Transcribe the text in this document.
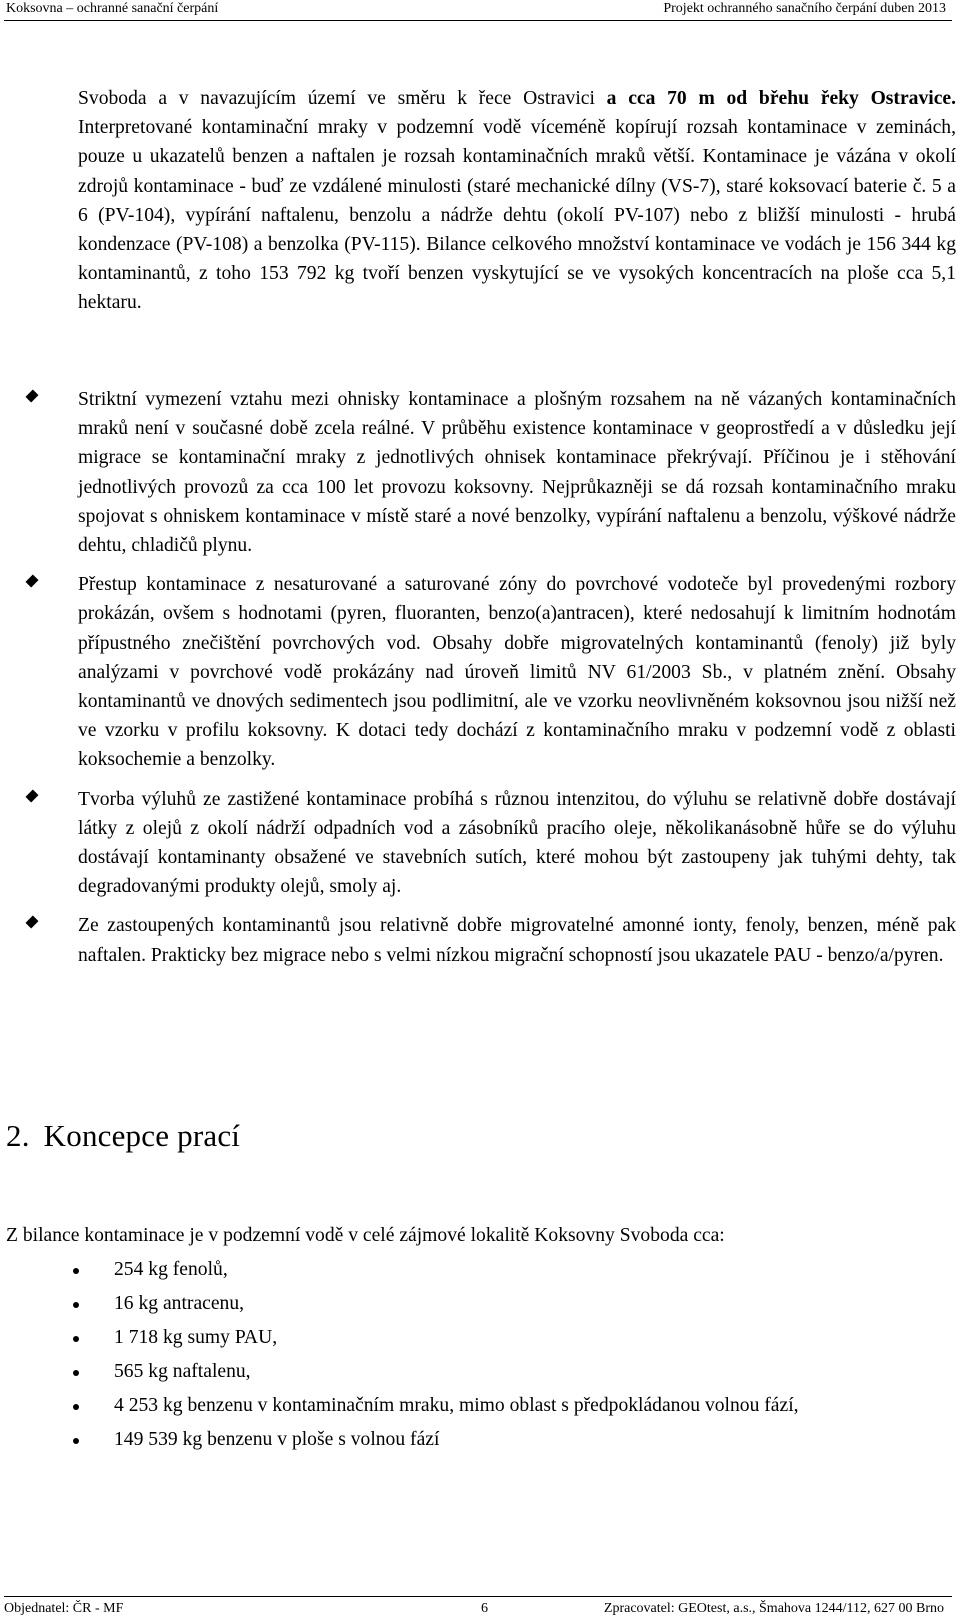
Koksovna – ochranné sanační čerpání	Projekt ochranného sanačního čerpání duben 2013

Svoboda a v navazujícím území ve směru k řece Ostravici a cca 70 m od břehu řeky Ostravice. Interpretované kontaminační mraky v podzemní vodě víceméně kopírují rozsah kontaminace v zeminách, pouze u ukazatelů benzen a naftalen je rozsah kontaminačních mraků větší. Kontaminace je vázána v okolí zdrojů kontaminace - buď ze vzdálené minulosti (staré mechanické dílny (VS-7), staré koksovací baterie č. 5 a 6 (PV-104), vypírání naftalenu, benzolu a nádrže dehtu (okolí PV-107) nebo z bližší minulosti - hrubá kondenzace (PV-108) a benzolka (PV-115). Bilance celkového množství kontaminace ve vodách je 156 344 kg kontaminantů, z toho 153 792 kg tvoří benzen vyskytující se ve vysokých koncentracích na ploše cca 5,1 hektaru.

Striktní vymezení vztahu mezi ohnisky kontaminace a plošným rozsahem na ně vázaných kontaminačních mraků není v současné době zcela reálné. V průběhu existence kontaminace v geoprostředí a v důsledku její migrace se kontaminační mraky z jednotlivých ohnisek kontaminace překrývají. Příčinou je i stěhování jednotlivých provozů za cca 100 let provozu koksovny. Nejprůkazněji se dá rozsah kontaminačního mraku spojovat s ohniskem kontaminace v místě staré a nové benzolky, vypírání naftalenu a benzolu, výškové nádrže dehtu, chladičů plynu.

Přestup kontaminace z nesaturované a saturované zóny do povrchové vodoteče byl provedenými rozbory prokázán, ovšem s hodnotami (pyren, fluoranten, benzo(a)antracen), které nedosahují k limitním hodnotám přípustného znečištění povrchových vod. Obsahy dobře migrovatelných kontaminantů (fenoly) již byly analýzami v povrchové vodě prokázány nad úroveň limitů NV 61/2003 Sb., v platném znění. Obsahy kontaminantů ve dnových sedimentech jsou podlimitní, ale ve vzorku neovlivněném koksovnou jsou nižší než ve vzorku v profilu koksovny. K dotaci tedy dochází z kontaminačního mraku v podzemní vodě z oblasti koksochemie a benzolky.

Tvorba výluhů ze zastižené kontaminace probíhá s různou intenzitou, do výluhu se relativně dobře dostávají látky z olejů z okolí nádrží odpadních vod a zásobníků pracího oleje, několikanásobně hůře se do výluhu dostávají kontaminanty obsažené ve stavebních sutích, které mohou být zastoupeny jak tuhými dehty, tak degradovanými produkty olejů, smoly aj.

Ze zastoupených kontaminantů jsou relativně dobře migrovatelné amonné ionty, fenoly, benzen, méně pak naftalen. Prakticky bez migrace nebo s velmi nízkou migrační schopností jsou ukazatele PAU - benzo/a/pyren.

2. Koncepce prací

Z bilance kontaminace je v podzemní vodě v celé zájmové lokalitě Koksovny Svoboda cca:

254 kg fenolů,
16 kg antracenu,
1 718 kg sumy PAU,
565 kg naftalenu,
4 253 kg benzenu v kontaminačním mraku, mimo oblast s předpokládanou volnou fází,
149 539 kg benzenu v ploše s volnou fází
Objednatel: ČR - MF	6	Zpracovatel: GEOtest, a.s., Šmahova 1244/112, 627 00 Brno
